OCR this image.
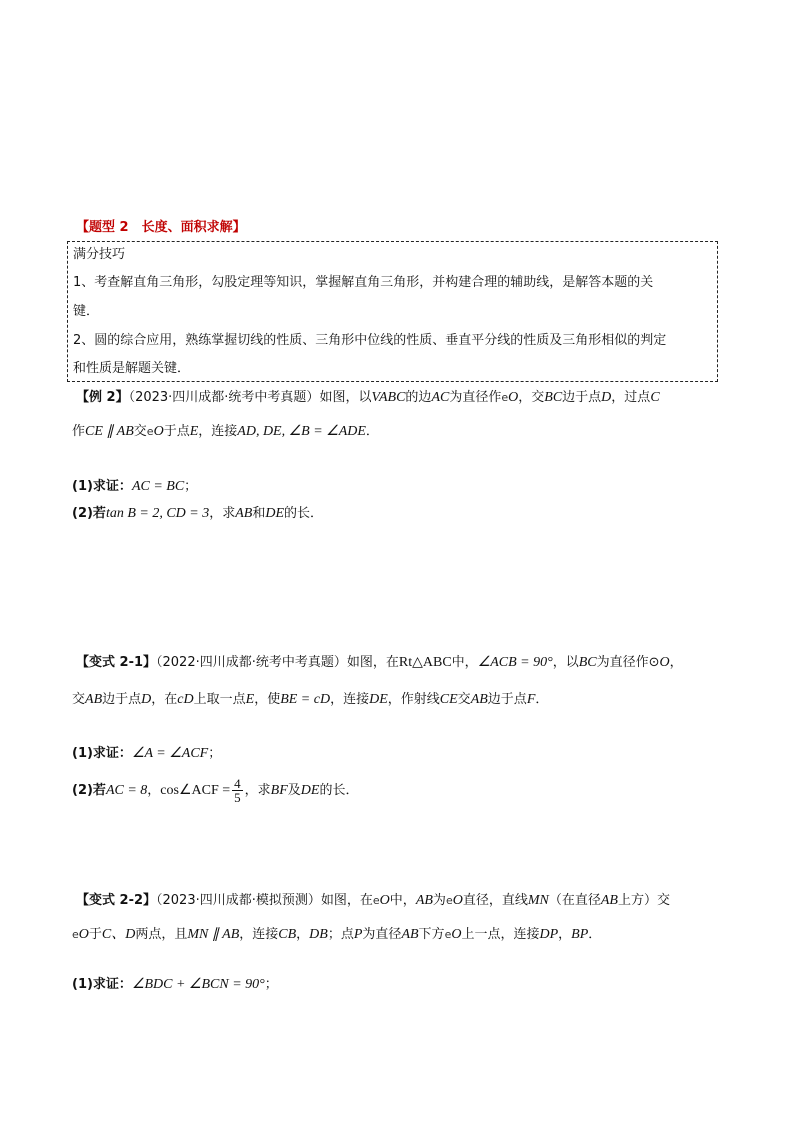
【题型 2　长度、面积求解】
满分技巧
1、考查解直角三角形，勾股定理等知识，掌握解直角三角形，并构建合理的辅助线，是解答本题的关
键．
2、圆的综合应用，熟练掌握切线的性质、三角形中位线的性质、垂直平分线的性质及三角形相似的判定
和性质是解题关键．
【例 2】（2023·四川成都·统考中考真题）如图，以VABC的边AC为直径作eO，交BC边于点D，过点C
作CE ∥ AB交eO于点E，连接AD, DE, ∠B = ∠ADE．
(1)求证：AC = BC；
(2)若tan B = 2, CD = 3，求AB和DE的长．
【变式 2-1】（2022·四川成都·统考中考真题）如图，在Rt△ABC中，∠ACB = 90°，以BC为直径作⊙O，
交AB边于点D，在cD上取一点E，使BE = cD，连接DE，作射线CE交AB边于点F．
(1)求证：∠A = ∠ACF；
(2)若AC = 8，cos∠ACF = $\frac{4}{5}$ ，求BF及DE的长．
【变式 2-2】（2023·四川成都·模拟预测）如图，在eO中，AB为eO直径，直线MN（在直径AB上方）交
eO于C、D两点，且MN ∥ AB，连接CB，DB；点P为直径AB下方eO上一点，连接DP，BP．
(1)求证：∠BDC + ∠BCN = 90°；
